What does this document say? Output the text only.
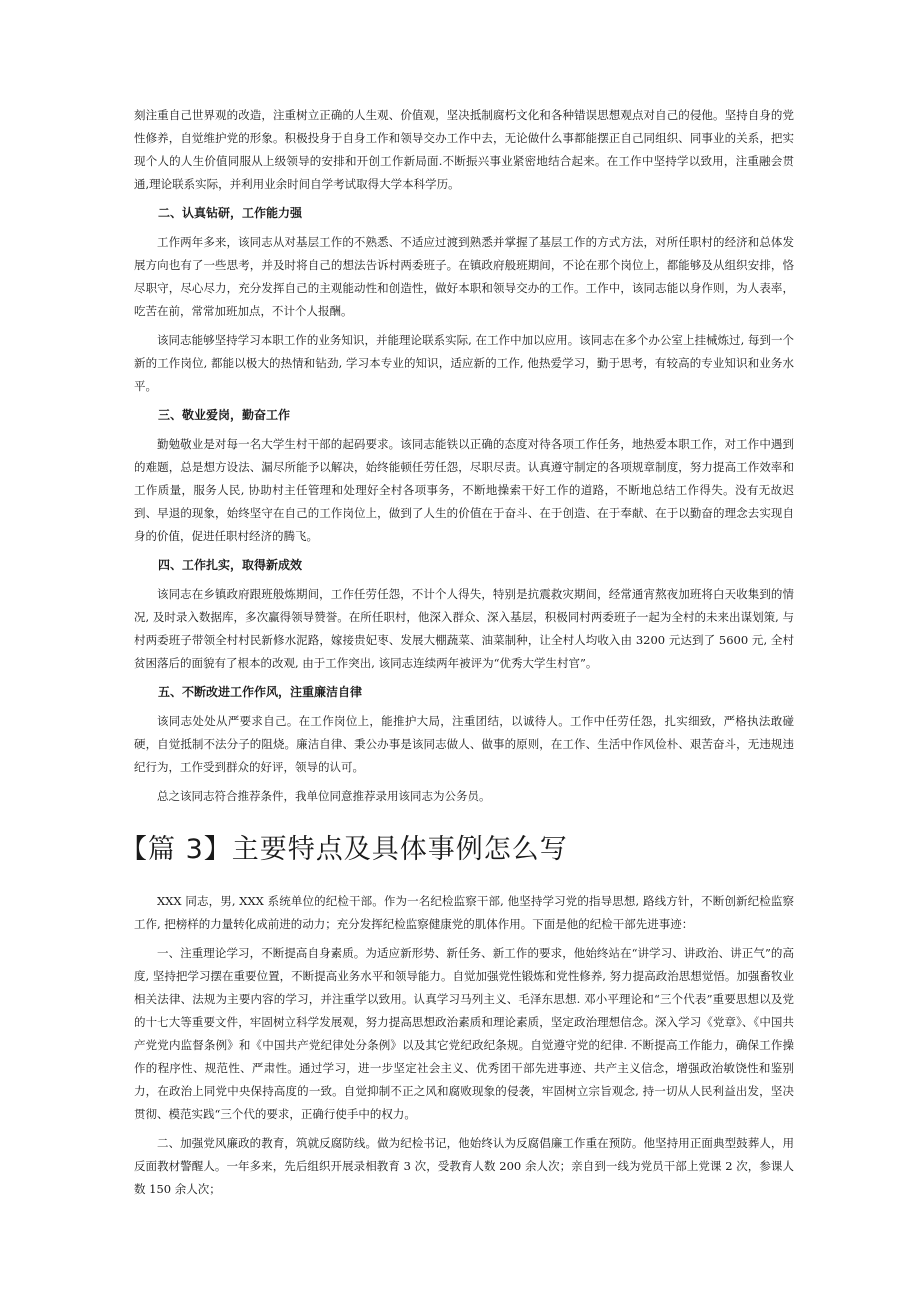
刻注重自己世界观的改造，注重树立正确的人生观、价值观，坚决抵制腐朽文化和各种错误思想观点对自己的侵他。坚持自身的党性修养，自觉维护党的形象。积极投身于自身工作和领导交办工作中去，无论做什么事都能摆正自己同组织、同事业的关系，把实现个人的人生价值同服从上级领导的安排和开创工作新局面.不断振兴事业紧密地结合起来。在工作中坚持学以致用，注重融会贯通,理论联系实际，并利用业余时间自学考试取得大学本科学历。

二、认真钻研，工作能力强

工作两年多来，该同志从对基层工作的不熟悉、不适应过渡到熟悉并掌握了基层工作的方式方法，对所任职村的经济和总体发展方向也有了一些思考，并及时将自己的想法告诉村两委班子。在镇政府般班期间，不论在那个岗位上，都能够及从组织安排，恪尽职守，尽心尽力，充分发挥自己的主观能动性和创造性，做好本职和领导交办的工作。工作中，该同志能以身作则，为人表率，吃苦在前，常常加班加点，不计个人报酬。

该同志能够坚持学习本职工作的业务知识，并能理论联系实际, 在工作中加以应用。该同志在多个办公室上挂械炼过, 每到一个新的工作岗位, 都能以极大的热情和钻劲, 学习本专业的知识，适应新的工作, 他热爱学习，勤于思考，有较高的专业知识和业务水平。

三、敬业爱岗，勤奋工作

勤勉敬业是对每一名大学生村干部的起码要求。该同志能铁以正确的态度对待各项工作任务，地热爱本职工作，对工作中遇到的难题，总是想方设法、漏尽所能予以解决，始终能顿任劳任怨，尽职尽责。认真遵守制定的各项规章制度，努力提高工作效率和工作质量，服务人民, 协助村主任管理和处理好全村各项事务，不断地操索干好工作的道路，不断地总结工作得失。没有无故迟到、早退的现象，始终坚守在自己的工作岗位上，做到了人生的价值在于奋斗、在于创造、在于奉献、在于以勤奋的理念去实现自身的价值，促进任职村经济的腾飞。

四、工作扎实，取得新成效

该同志在乡镇政府跟班般炼期间，工作任劳任怨，不计个人得失，特别是抗震救灾期间，经常通宵熬夜加班将白天收集到的情况, 及时录入数据库，多次赢得领导赞誉。在所任职村，他深入群众、深入基层，积极同村两委班子一起为全村的未来出谋划策, 与村两委班子带领全村村民新修水泥路，嫁接贵妃枣、发展大棚蔬菜、油菜制种，让全村人均收入由 3200 元达到了 5600 元, 全村贫困落后的面貌有了根本的改观, 由于工作突出, 该同志连续两年被评为“优秀大学生村官”。

五、不断改进工作作风，注重廉洁自律

该同志处处从严要求自己。在工作岗位上，能推护大局，注重团结，以诚待人。工作中任劳任怨，扎实细致，严格执法敢碰硬，自觉抵制不法分子的阻烧。廉洁自律、秉公办事是该同志做人、做事的原则，在工作、生活中作风俭朴、艰苦奋斗，无违规违纪行为，工作受到群众的好评，领导的认可。

总之该同志符合推荐条件，我单位同意推荐录用该同志为公务员。

【篇 3】主要特点及具体事例怎么写

XXX 同志，男, XXX 系统单位的纪检干部。作为一名纪检监察干部, 他坚持学习党的指导思想, 路线方针，不断创新纪检监察工作, 把榜样的力量转化成前进的动力；充分发挥纪检监察健康党的肌体作用。下面是他的纪检干部先进事迹：

一、注重理论学习，不断提高自身素质。为适应新形势、新任务、新工作的要求，他始终站在“讲学习、讲政治、讲正气”的高度, 坚持把学习摆在重要位置，不断提高业务水平和领导能力。自觉加强党性锻炼和党性修养, 努力提高政治思想觉悟。加强畜牧业相关法律、法规为主要内容的学习，并注重学以致用。认真学习马列主义、毛泽东思想. 邓小平理论和“三个代表”重要思想以及党的十七大等重要文件，牢固树立科学发展观，努力提高思想政治素质和理论素质，坚定政治理想信念。深入学习《党章》、《中国共产党党内监督条例》和《中国共产党纪律处分条例》以及其它党纪政纪条规。自觉遵守党的纪律. 不断提高工作能力，确保工作操作的程序性、规范性、严肃性。通过学习，进一步坚定社会主义、优秀团干部先进事迹、共产主义信念，增强政治敏饶性和鉴别力，在政治上同党中央保持高度的一致。自觉抑制不正之风和腐败现象的侵袭，牢固树立宗旨观念, 持一切从人民利益出发，坚决贯彻、模范实践“三个代的要求，正确行使手中的权力。

二、加强党风廉政的教育，筑就反腐防线。做为纪检书记，他始终认为反腐倡廉工作重在预防。他坚持用正面典型鼓葬人，用反面教材警醒人。一年多来，先后组织开展录相教育 3 次，受教育人数 200 余人次；亲自到一线为党员干部上党课 2 次，参课人数 150 余人次；
